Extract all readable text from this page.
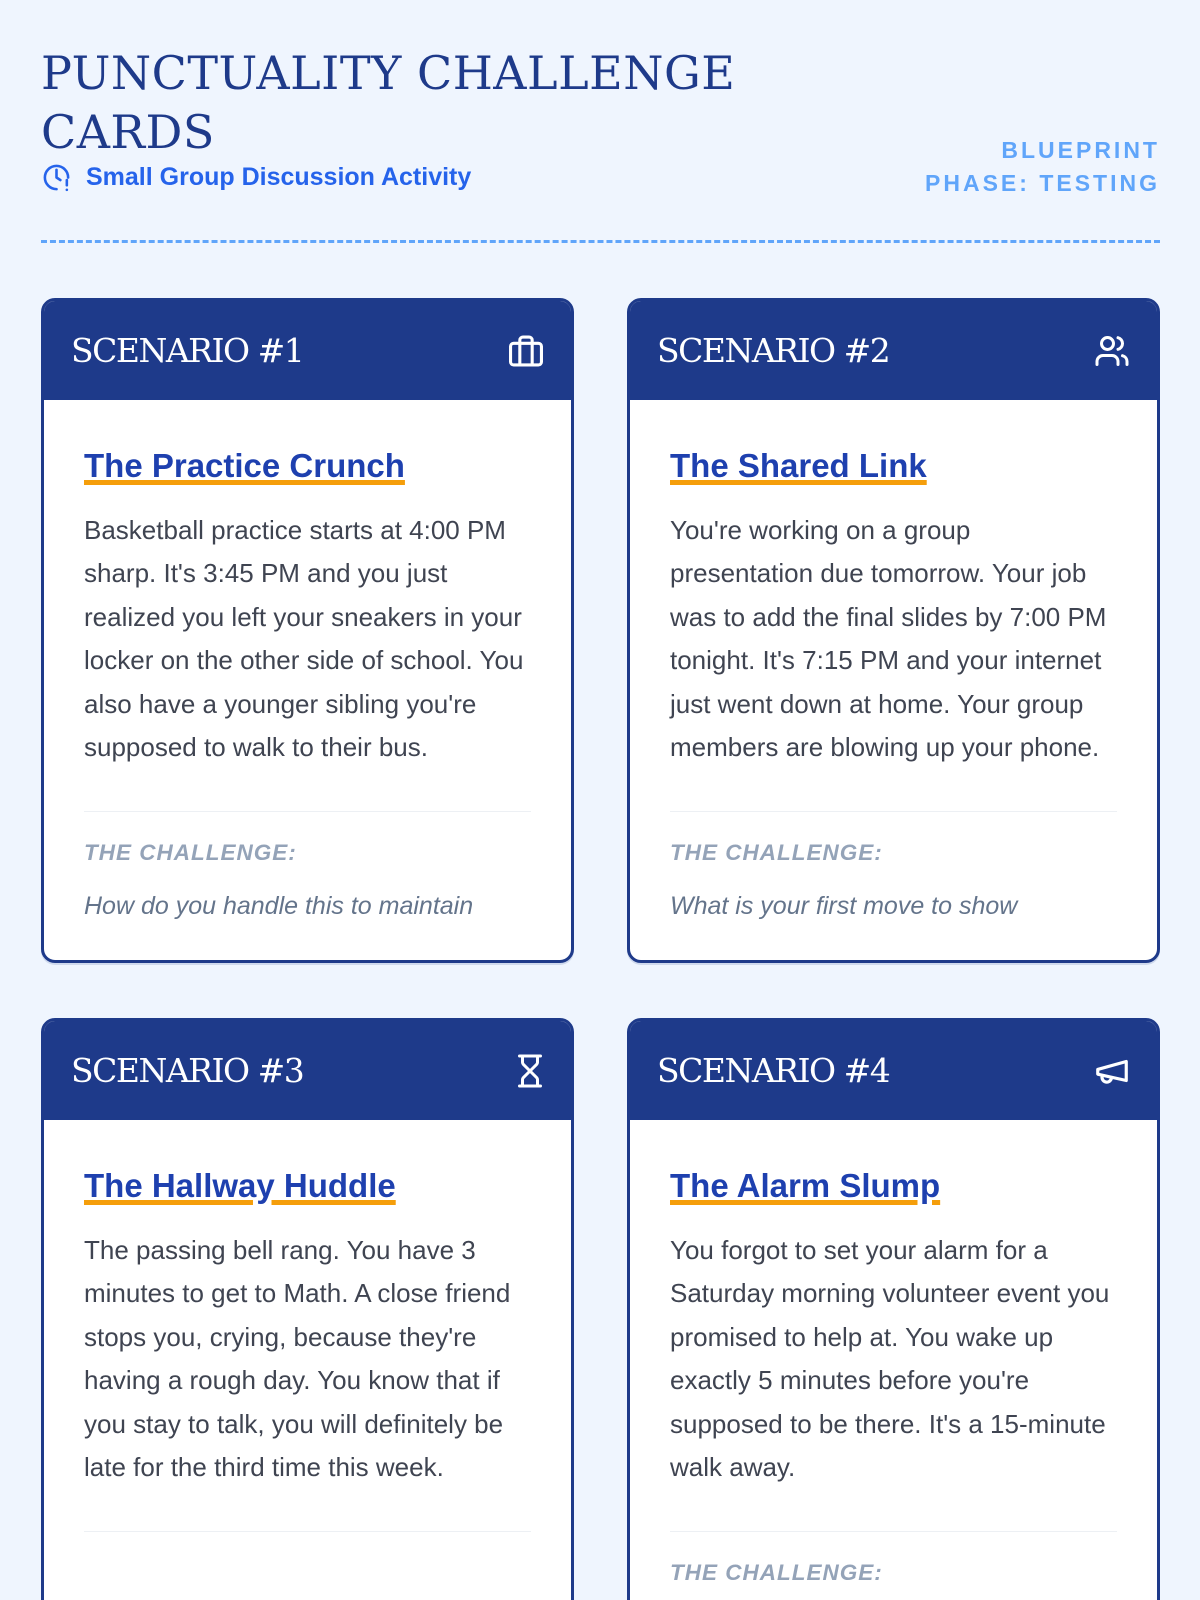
PUNCTUALITY CHALLENGE CARDS
Small Group Discussion Activity
BLUEPRINT PHASE: TESTING
SCENARIO #1
The Practice Crunch

Basketball practice starts at 4:00 PM sharp. It's 3:45 PM and you just realized you left your sneakers in your locker on the other side of school. You also have a younger sibling you're supposed to walk to their bus.

THE CHALLENGE:
How do you handle this to maintain
SCENARIO #2
The Shared Link

You're working on a group presentation due tomorrow. Your job was to add the final slides by 7:00 PM tonight. It's 7:15 PM and your internet just went down at home. Your group members are blowing up your phone.

THE CHALLENGE:
What is your first move to show
SCENARIO #3
The Hallway Huddle

The passing bell rang. You have 3 minutes to get to Math. A close friend stops you, crying, because they're having a rough day. You know that if you stay to talk, you will definitely be late for the third time this week.

SCENARIO #4
The Alarm Slump

You forgot to set your alarm for a Saturday morning volunteer event you promised to help at. You wake up exactly 5 minutes before you're supposed to be there. It's a 15-minute walk away.

THE CHALLENGE:
